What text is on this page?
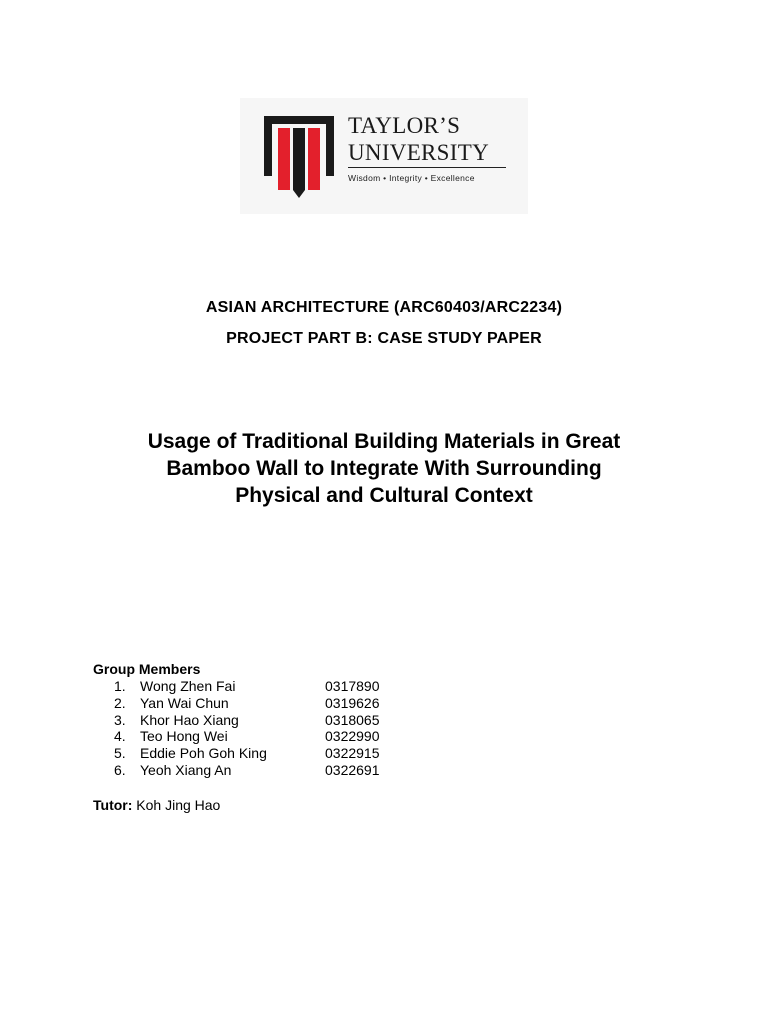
TAYLOR’S
UNIVERSITY
Wisdom • Integrity • Excellence
ASIAN ARCHITECTURE (ARC60403/ARC2234)
PROJECT PART B: CASE STUDY PAPER
Usage of Traditional Building Materials in Great
Bamboo Wall to Integrate With Surrounding
Physical and Cultural Context
Group Members
1.	Wong Zhen Fai	0317890
2.	Yan Wai Chun	0319626
3.	Khor Hao Xiang	0318065
4.	Teo Hong Wei	0322990
5.	Eddie Poh Goh King	0322915
6.	Yeoh Xiang An	0322691
Tutor: Koh Jing Hao
